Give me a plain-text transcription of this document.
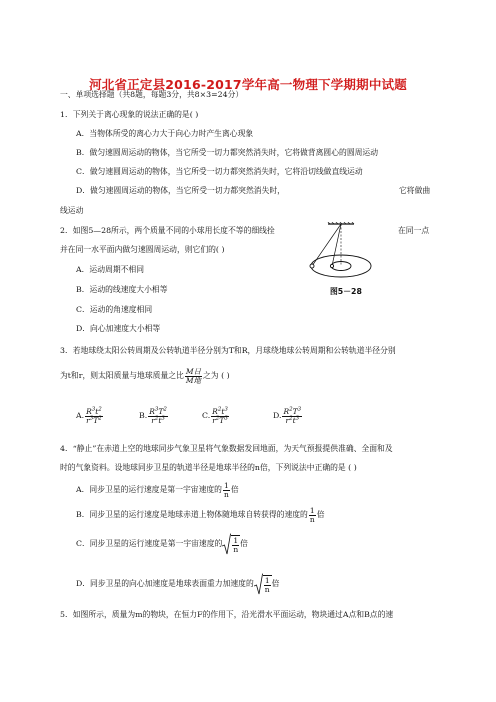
河北省正定县2016-2017学年高一物理下学期期中试题
一、单项选择题（共8题，每题3分，共8×3=24分）
1．下列关于离心现象的说法正确的是( )
A．当物体所受的离心力大于向心力时产生离心现象
B．做匀速圆周运动的物体，当它所受一切力都突然消失时，它将做背离圆心的圆周运动
C．做匀速圆周运动的物体，当它所受一切力都突然消失时，它将沿切线做直线运动
D．做匀速圆周运动的物体，当它所受一切力都突然消失时，	它将做曲
线运动
2．如图5—28所示，两个质量不同的小球用长度不等的细线拴	在同一点
并在同一水平面内做匀速圆周运动，则它们的( )
A．运动周期不相同
B．运动的线速度大小相等
C．运动的角速度相同
D．向心加速度大小相等
图5－28
3．若地球绕太阳公转周期及公转轨道半径分别为T和R，月球绕地球公转周期和公转轨道半径分别
为t和r，则太阳质量与地球质量之比 $\frac{\text{M日}}{\text{M地}}$ 之为 ( )
A. $\frac{R^3t^2}{r^3T^2}$	B. $\frac{R^3T^2}{r^2t^3}$	C. $\frac{R^2t^3}{r^2T^3}$	D. $\frac{R^2T^3}{r^2t^3}$
4．“静止”在赤道上空的地球同步气象卫星将气象数据发回地面，为天气预报提供准确、全面和及
时的气象资料。设地球同步卫星的轨道半径是地球半径的n倍，下列说法中正确的是 ( )
A．同步卫星的运行速度是第一宇宙速度的 $\frac{1}{n}$ 倍
B．同步卫星的运行速度是地球赤道上物体随地球自转获得的速度的 $\frac{1}{n}$ 倍
C．同步卫星的运行速度是第一宇宙速度的 $\frac{1}{n}$ 倍
D．同步卫星的向心加速度是地球表面重力加速度的 $\frac{1}{n}$ 倍
5．如图所示，质量为m的物块，在恒力F的作用下，沿光滑水平面运动，物块通过A点和B点的速
